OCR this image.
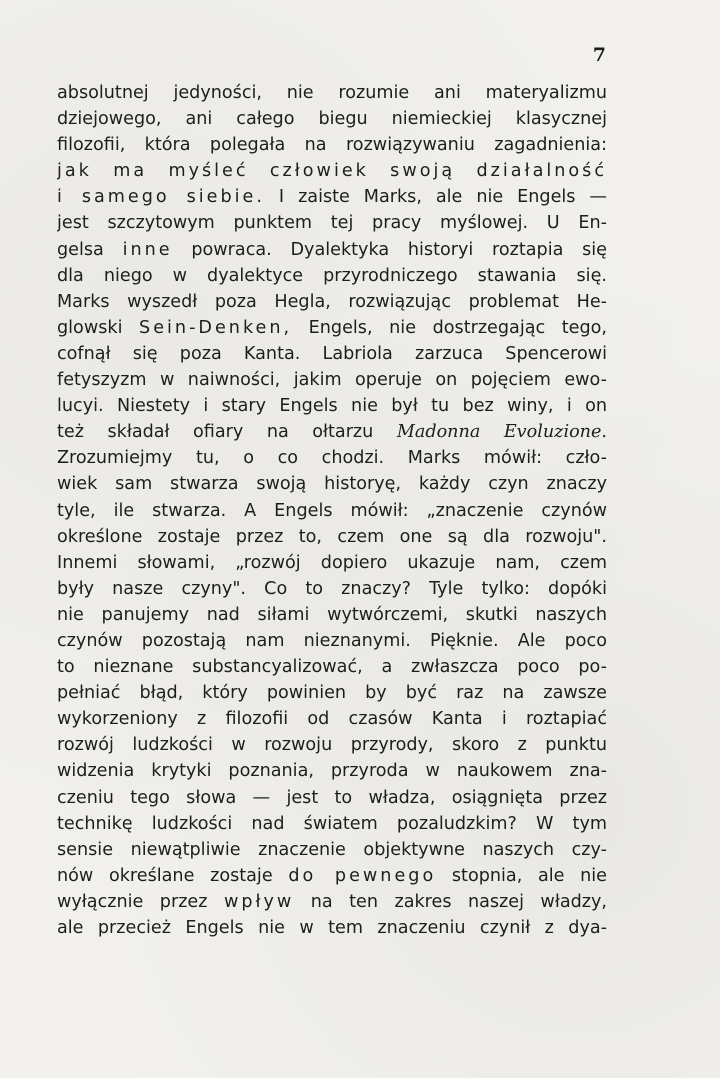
7
absolutnej jedyności, nie rozumie ani materyalizmu
dziejowego, ani całego biegu niemieckiej klasycznej
filozofii, która polegała na rozwiązywaniu zagadnienia:
jak ma myśleć człowiek swoją działalność
i samego siebie. I zaiste Marks, ale nie Engels —
jest szczytowym punktem tej pracy myślowej. U En-
gelsa inne powraca. Dyalektyka historyi roztapia się
dla niego w dyalektyce przyrodniczego stawania się.
Marks wyszedł poza Hegla, rozwiązując problemat He-
glowski Sein-Denken, Engels, nie dostrzegając tego,
cofnął się poza Kanta. Labriola zarzuca Spencerowi
fetyszyzm w naiwności, jakim operuje on pojęciem ewo-
lucyi. Niestety i stary Engels nie był tu bez winy, i on
też składał ofiary na ołtarzu Madonna Evoluzione.
Zrozumiejmy tu, o co chodzi. Marks mówił: czło-
wiek sam stwarza swoją historyę, każdy czyn znaczy
tyle, ile stwarza. A Engels mówił: „znaczenie czynów
określone zostaje przez to, czem one są dla rozwoju".
Innemi słowami, „rozwój dopiero ukazuje nam, czem
były nasze czyny". Co to znaczy? Tyle tylko: dopóki
nie panujemy nad siłami wytwórczemi, skutki naszych
czynów pozostają nam nieznanymi. Pięknie. Ale poco
to nieznane substancyalizować, a zwłaszcza poco po-
pełniać błąd, który powinien by być raz na zawsze
wykorzeniony z filozofii od czasów Kanta i roztapiać
rozwój ludzkości w rozwoju przyrody, skoro z punktu
widzenia krytyki poznania, przyroda w naukowem zna-
czeniu tego słowa — jest to władza, osiągnięta przez
technikę ludzkości nad światem pozaludzkim? W tym
sensie niewątpliwie znaczenie objektywne naszych czy-
nów określane zostaje do pewnego stopnia, ale nie
wyłącznie przez wpływ na ten zakres naszej władzy,
ale przecież Engels nie w tem znaczeniu czynił z dya-
